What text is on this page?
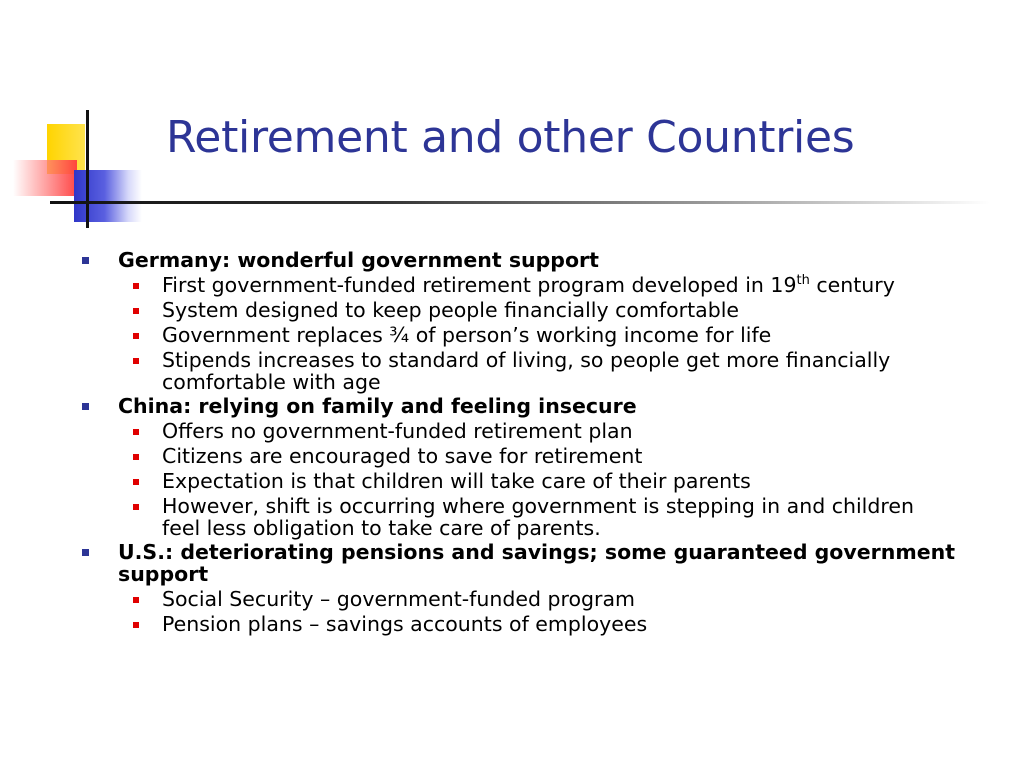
Retirement and other Countries
Germany: wonderful government support
First government-funded retirement program developed in 19th century
System designed to keep people financially comfortable
Government replaces ¾ of person’s working income for life
Stipends increases to standard of living, so people get more financially comfortable with age
China: relying on family and feeling insecure
Offers no government-funded retirement plan
Citizens are encouraged to save for retirement
Expectation is that children will take care of their parents
However, shift is occurring where government is stepping in and children feel less obligation to take care of parents.
U.S.: deteriorating pensions and savings; some guaranteed government support
Social Security – government-funded program
Pension plans – savings accounts of employees
